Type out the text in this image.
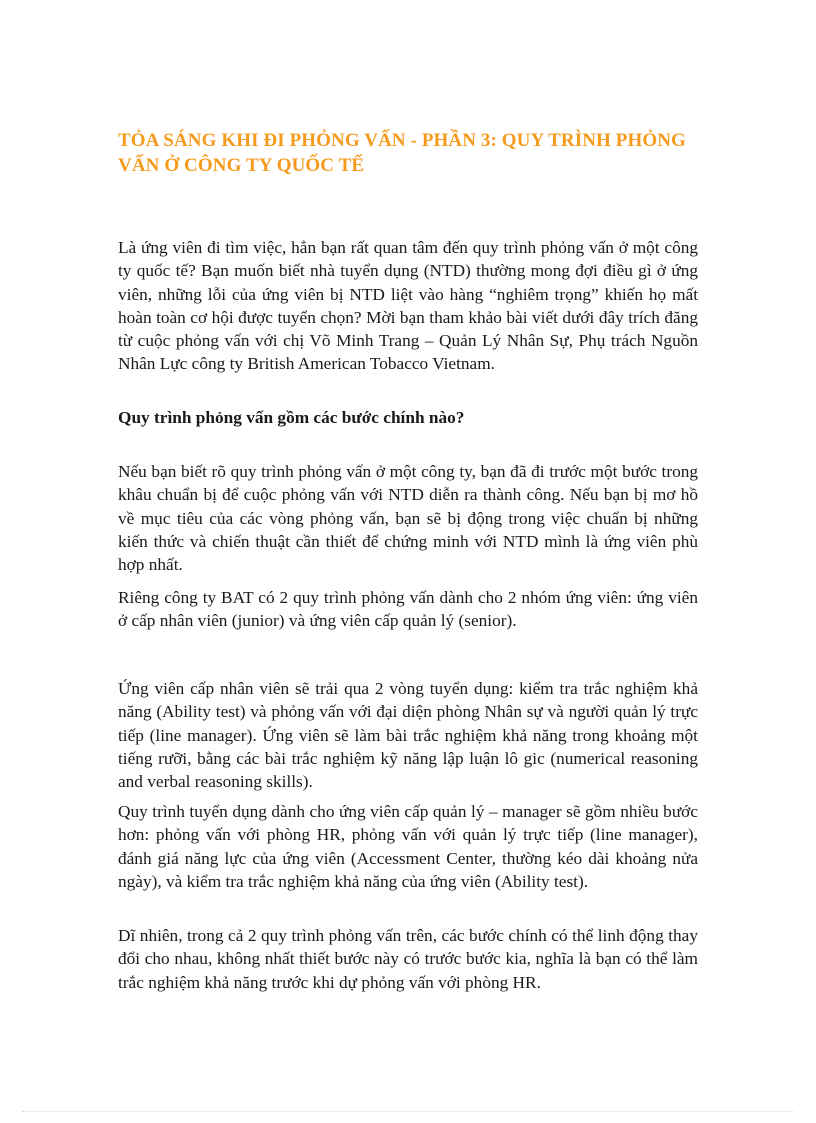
TỎA SÁNG KHI ĐI PHỎNG VẤN - PHẦN 3: QUY TRÌNH PHỎNG VẤN Ở CÔNG TY QUỐC TẾ

Là ứng viên đi tìm việc, hẳn bạn rất quan tâm đến quy trình phỏng vấn ở một công ty quốc tế? Bạn muốn biết nhà tuyển dụng (NTD) thường mong đợi điều gì ở ứng viên, những lỗi của ứng viên bị NTD liệt vào hàng “nghiêm trọng” khiến họ mất hoàn toàn cơ hội được tuyển chọn? Mời bạn tham khảo bài viết dưới đây trích đăng từ cuộc phỏng vấn với chị Võ Minh Trang – Quản Lý Nhân Sự, Phụ trách Nguồn Nhân Lực công ty British American Tobacco Vietnam.

Quy trình phỏng vấn gồm các bước chính nào?

Nếu bạn biết rõ quy trình phỏng vấn ở một công ty, bạn đã đi trước một bước trong khâu chuẩn bị để cuộc phỏng vấn với NTD diễn ra thành công. Nếu bạn bị mơ hồ về mục tiêu của các vòng phỏng vấn, bạn sẽ bị động trong việc chuẩn bị những kiến thức và chiến thuật cần thiết để chứng minh với NTD mình là ứng viên phù hợp nhất.

Riêng công ty BAT có 2 quy trình phỏng vấn dành cho 2 nhóm ứng viên: ứng viên ở cấp nhân viên (junior) và ứng viên cấp quản lý (senior).

Ứng viên cấp nhân viên sẽ trải qua 2 vòng tuyển dụng: kiểm tra trắc nghiệm khả năng (Ability test) và phỏng vấn với đại diện phòng Nhân sự và người quản lý trực tiếp (line manager). Ứng viên sẽ làm bài trắc nghiệm khả năng trong khoảng một tiếng rưỡi, bằng các bài trắc nghiệm kỹ năng lập luận lô gic (numerical reasoning and verbal reasoning skills).

Quy trình tuyển dụng dành cho ứng viên cấp quản lý – manager sẽ gồm nhiều bước hơn: phỏng vấn với phòng HR, phỏng vấn với quản lý trực tiếp (line manager), đánh giá năng lực của ứng viên (Accessment Center, thường kéo dài khoảng nửa ngày), và kiểm tra trắc nghiệm khả năng của ứng viên (Ability test).

Dĩ nhiên, trong cả 2 quy trình phỏng vấn trên, các bước chính có thể linh động thay đổi cho nhau, không nhất thiết bước này có trước bước kia, nghĩa là bạn có thể làm trắc nghiệm khả năng trước khi dự phỏng vấn với phòng HR.
